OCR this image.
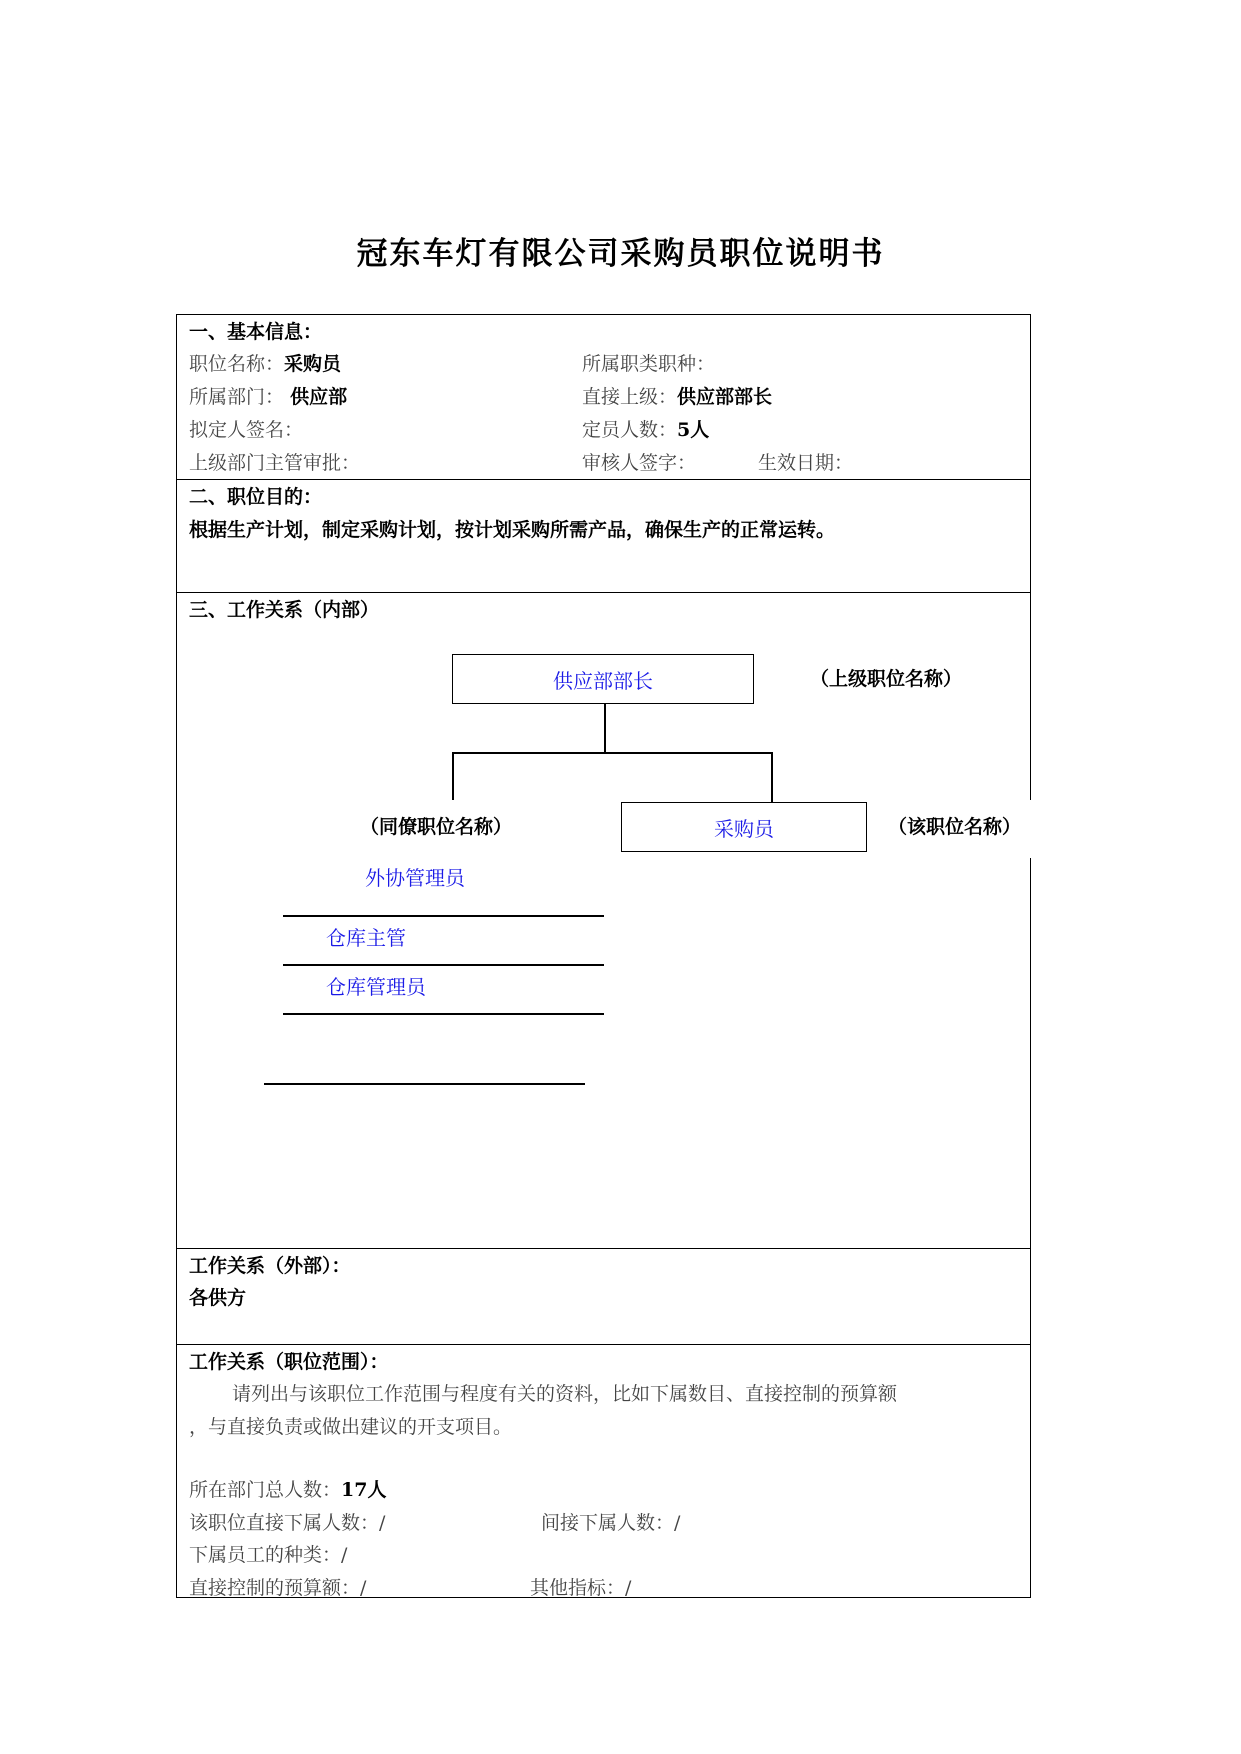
冠东车灯有限公司采购员职位说明书
一、基本信息：
职位名称：采购员	所属职类职种：
所属部门： 供应部	直接上级：供应部部长
拟定人签名：	定员人数：5人
上级部门主管审批：	审核人签字：	生效日期：
二、职位目的：
根据生产计划，制定采购计划，按计划采购所需产品，确保生产的正常运转。
三、工作关系（内部）
供应部部长	（上级职位名称）
（同僚职位名称）	采购员	（该职位名称）
外协管理员
仓库主管
仓库管理员
工作关系（外部）：
各供方
工作关系（职位范围）：
请列出与该职位工作范围与程度有关的资料，比如下属数目、直接控制的预算额
，与直接负责或做出建议的开支项目。
所在部门总人数：17人
该职位直接下属人数：/	间接下属人数：/
下属员工的种类：/
直接控制的预算额：/	其他指标：/
